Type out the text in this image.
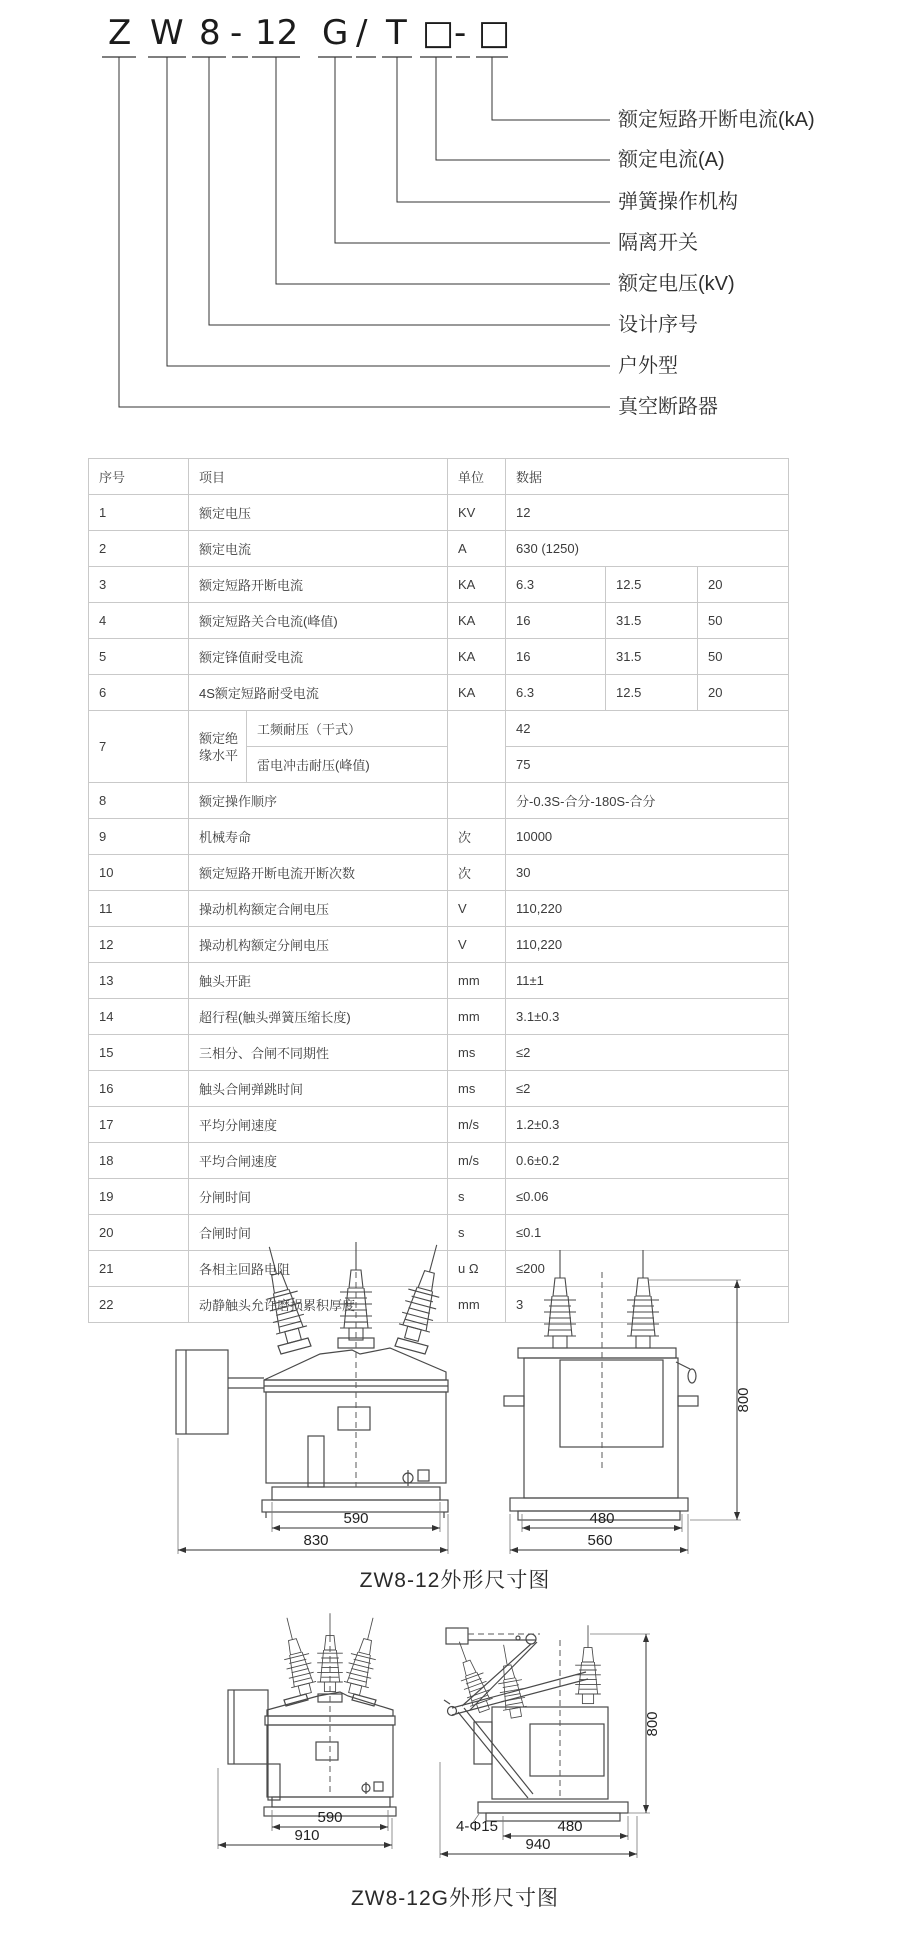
Z W 8 - 12 G / T □ - □
额定短路开断电流(kA)
额定电流(A)
弹簧操作机构
隔离开关
额定电压(kV)
设计序号
户外型
真空断路器
序号	项目		单位	数据		
1	额定电压		KV	12		
2	额定电流		A	630 (1250)		
3	额定短路开断电流		KA	6.3	12.5	20
4	额定短路关合电流(峰值)		KA	16	31.5	50
5	额定锋值耐受电流		KA	16	31.5	50
6	4S额定短路耐受电流		KA	6.3	12.5	20
7	额定绝缘水平	工频耐压（干式）		42		
		雷电冲击耐压(峰值)		75		
8	额定操作顺序			分-0.3S-合分-180S-合分		
9	机械寿命		次	10000		
10	额定短路开断电流开断次数		次	30		
11	操动机构额定合闸电压		V	110,220		
12	操动机构额定分闸电压		V	110,220		
13	触头开距		mm	11±1		
14	超行程(触头弹簧压缩长度)		mm	3.1±0.3		
15	三相分、合闸不同期性		ms	≤2		
16	触头合闸弹跳时间		ms	≤2		
17	平均分闸速度		m/s	1.2±0.3		
18	平均合闸速度		m/s	0.6±0.2		
19	分闸时间		s	≤0.06		
20	合闸时间		s	≤0.1		
21	各相主回路电阻		u Ω	≤200		
22	动静触头允许磨损累积厚度		mm	3		
590
830
480
560
800
ZW8-12外形尺寸图
590
910
4-Φ15	480
940
800
ZW8-12G外形尺寸图
